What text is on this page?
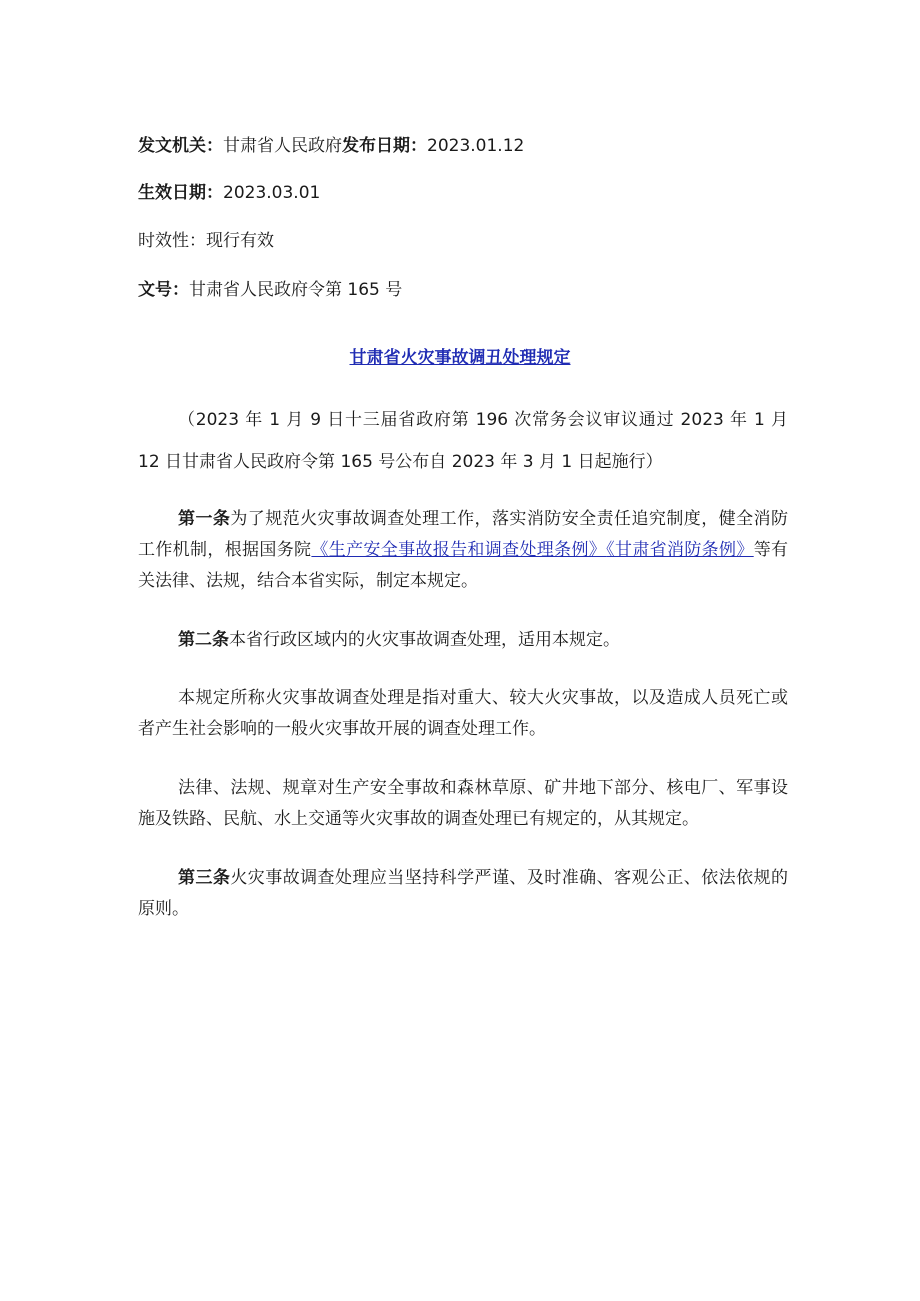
发文机关：甘肃省人民政府发布日期：2023.01.12
生效日期：2023.03.01
时效性：现行有效
文号：甘肃省人民政府令第 165 号
甘肃省火灾事故调丑处理规定
（2023 年 1 月 9 日十三届省政府第 196 次常务会议审议通过 2023 年 1 月 12 日甘肃省人民政府令第 165 号公布自 2023 年 3 月 1 日起施行）
第一条为了规范火灾事故调查处理工作，落实消防安全责任追究制度，健全消防工作机制，根据国务院《生产安全事故报告和调查处理条例》《甘肃省消防条例》等有关法律、法规，结合本省实际，制定本规定。
第二条本省行政区域内的火灾事故调查处理，适用本规定。
本规定所称火灾事故调查处理是指对重大、较大火灾事故，以及造成人员死亡或者产生社会影响的一般火灾事故开展的调查处理工作。
法律、法规、规章对生产安全事故和森林草原、矿井地下部分、核电厂、军事设施及铁路、民航、水上交通等火灾事故的调查处理已有规定的，从其规定。
第三条火灾事故调查处理应当坚持科学严谨、及时准确、客观公正、依法依规的原则。
